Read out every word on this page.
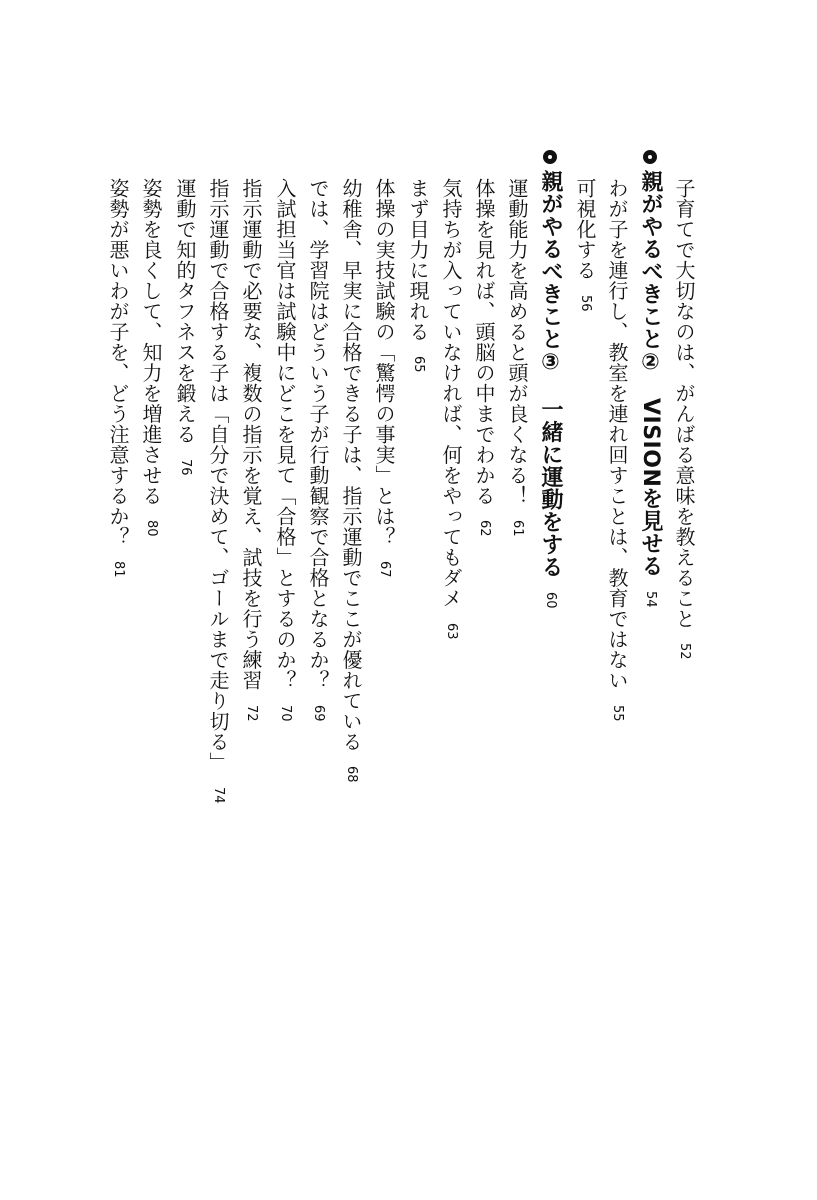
子育てで大切なのは、がんばる意味を教えること52
親がやるべきこと②　VISIONを見せる54
わが子を連行し、教室を連れ回すことは、教育ではない55
可視化する56
親がやるべきこと③　一緒に運動をする60
運動能力を高めると頭が良くなる！61
体操を見れば、頭脳の中までわかる62
気持ちが入っていなければ、何をやってもダメ63
まず目力に現れる65
体操の実技試験の「驚愕の事実」とは？67
幼稚舎、早実に合格できる子は、指示運動でここが優れている68
では、学習院はどういう子が行動観察で合格となるか？69
入試担当官は試験中にどこを見て「合格」とするのか？70
指示運動で必要な、複数の指示を覚え、試技を行う練習72
指示運動で合格する子は「自分で決めて、ゴールまで走り切る」74
運動で知的タフネスを鍛える76
姿勢を良くして、知力を増進させる80
姿勢が悪いわが子を、どう注意するか？81
